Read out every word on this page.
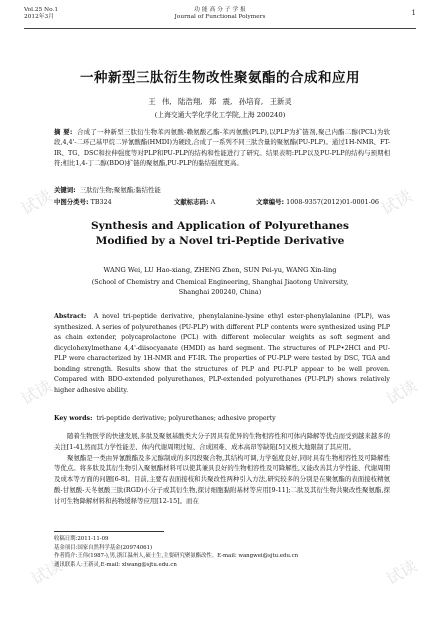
试读	试读
试读	试读
试读	试读
Vol.25 No.1
2012年3月
功 能 高 分 子 学 报
Journal of Functional Polymers
1
一种新型三肽衍生物改性聚氨酯的合成和应用
王 伟, 陆浩翔, 郑 震, 孙培育, 王新灵
(上海交通大学化学化工学院,上海 200240)
摘 要: 合成了一种新型三肽衍生物苯丙氨酸-赖氨酸乙酯-苯丙氨酸(PLP),以PLP为扩链剂,聚己内酯二醇(PCL)为软段,4,4'-二环己基甲烷二异氰酸酯(HMDI)为硬段,合成了一系列不同三肽含量的聚氨酯(PU-PLP)。通过1H-NMR、FT-IR、TG、DSC和拉伸强度等对PLP和PU-PLP的结构和性能进行了研究。结果表明:PLP以及PU-PLP的结构与预期相符;相比1,4-丁二醇(BDO)扩链的聚氨酯,PU-PLP的黏结强度更高。
关键词: 三肽衍生物;聚氨酯;黏结性能
中图分类号: TB324	文献标志码: A	文章编号: 1008-9357(2012)01-0001-06
Synthesis and Application of Polyurethanes
Modified by a Novel tri-Peptide Derivative
WANG Wei, LU Hao-xiang, ZHENG Zhen, SUN Pei-yu, WANG Xin-ling
(School of Chemistry and Chemical Engineering, Shanghai Jiaotong University,
Shanghai 200240, China)
Abstract: A novel tri-peptide derivative, phenylalanine-lysine ethyl ester-phenylalanine (PLP), was synthesized. A series of polyurethanes (PU-PLP) with different PLP contents were synthesized using PLP as chain extender, polycaprolactone (PCL) with different molecular weights as soft segment and dicyclohexylmethane 4,4'-diisocyanate (HMDI) as hard segment. The structures of PLP•2HCl and PU-PLP were characterized by 1H-NMR and FT-IR. The properties of PU-PLP were tested by DSC, TGA and bonding strength. Results show that the structures of PLP and PU-PLP appear to be well proven. Compared with BDO-extended polyurethanes, PLP-extended polyurethanes (PU-PLP) shows relatively higher adhesive ability.
Key words: tri-peptide derivative; polyurethanes; adhesive property

随着生物医学的快速发展,多肽及聚氨基酸类大分子因具有优异的生物相容性和可体内降解等优点而受到越来越多的关注[1-4],然而其力学性能差、体内代谢周期过短、合成困难、成本高昂等缺陷[5]又极大地限制了其应用。

聚氨酯是一类由异氰酸酯及多元醇制成的多因段聚合物,其结构可调,力学强度良好,同时具有生物相容性及可降解性等优点。将多肽及其衍生物引入聚氨酯材料可以使其兼具良好的生物相容性及可降解性,又能改善其力学性能、代谢周期及成本等方面的问题[6-8]。目前,主要有表面接枝和共聚改性两种引入方法,研究较多的分别是在聚氨酯的表面接枝精氨酸-甘氨酸-天冬氨酸三肽(RGD)小分子或其衍生物,探讨细胞黏附基材等应用[9-11];二肽及其衍生物共聚改性聚氨酯,探讨可生物降解材料和药物缓释等应用[12-15]。而在

收稿日期:2011-11-09
基金项目:国家自然科学基金(20974061)
作者简介:王伟(1987-),男,浙江温州人,硕士生,主要研究聚氨酯改性。E-mail: wangwei@sjtu.edu.cn
通讯联系人:王新灵,E-mail: xlwang@sjtu.edu.cn
